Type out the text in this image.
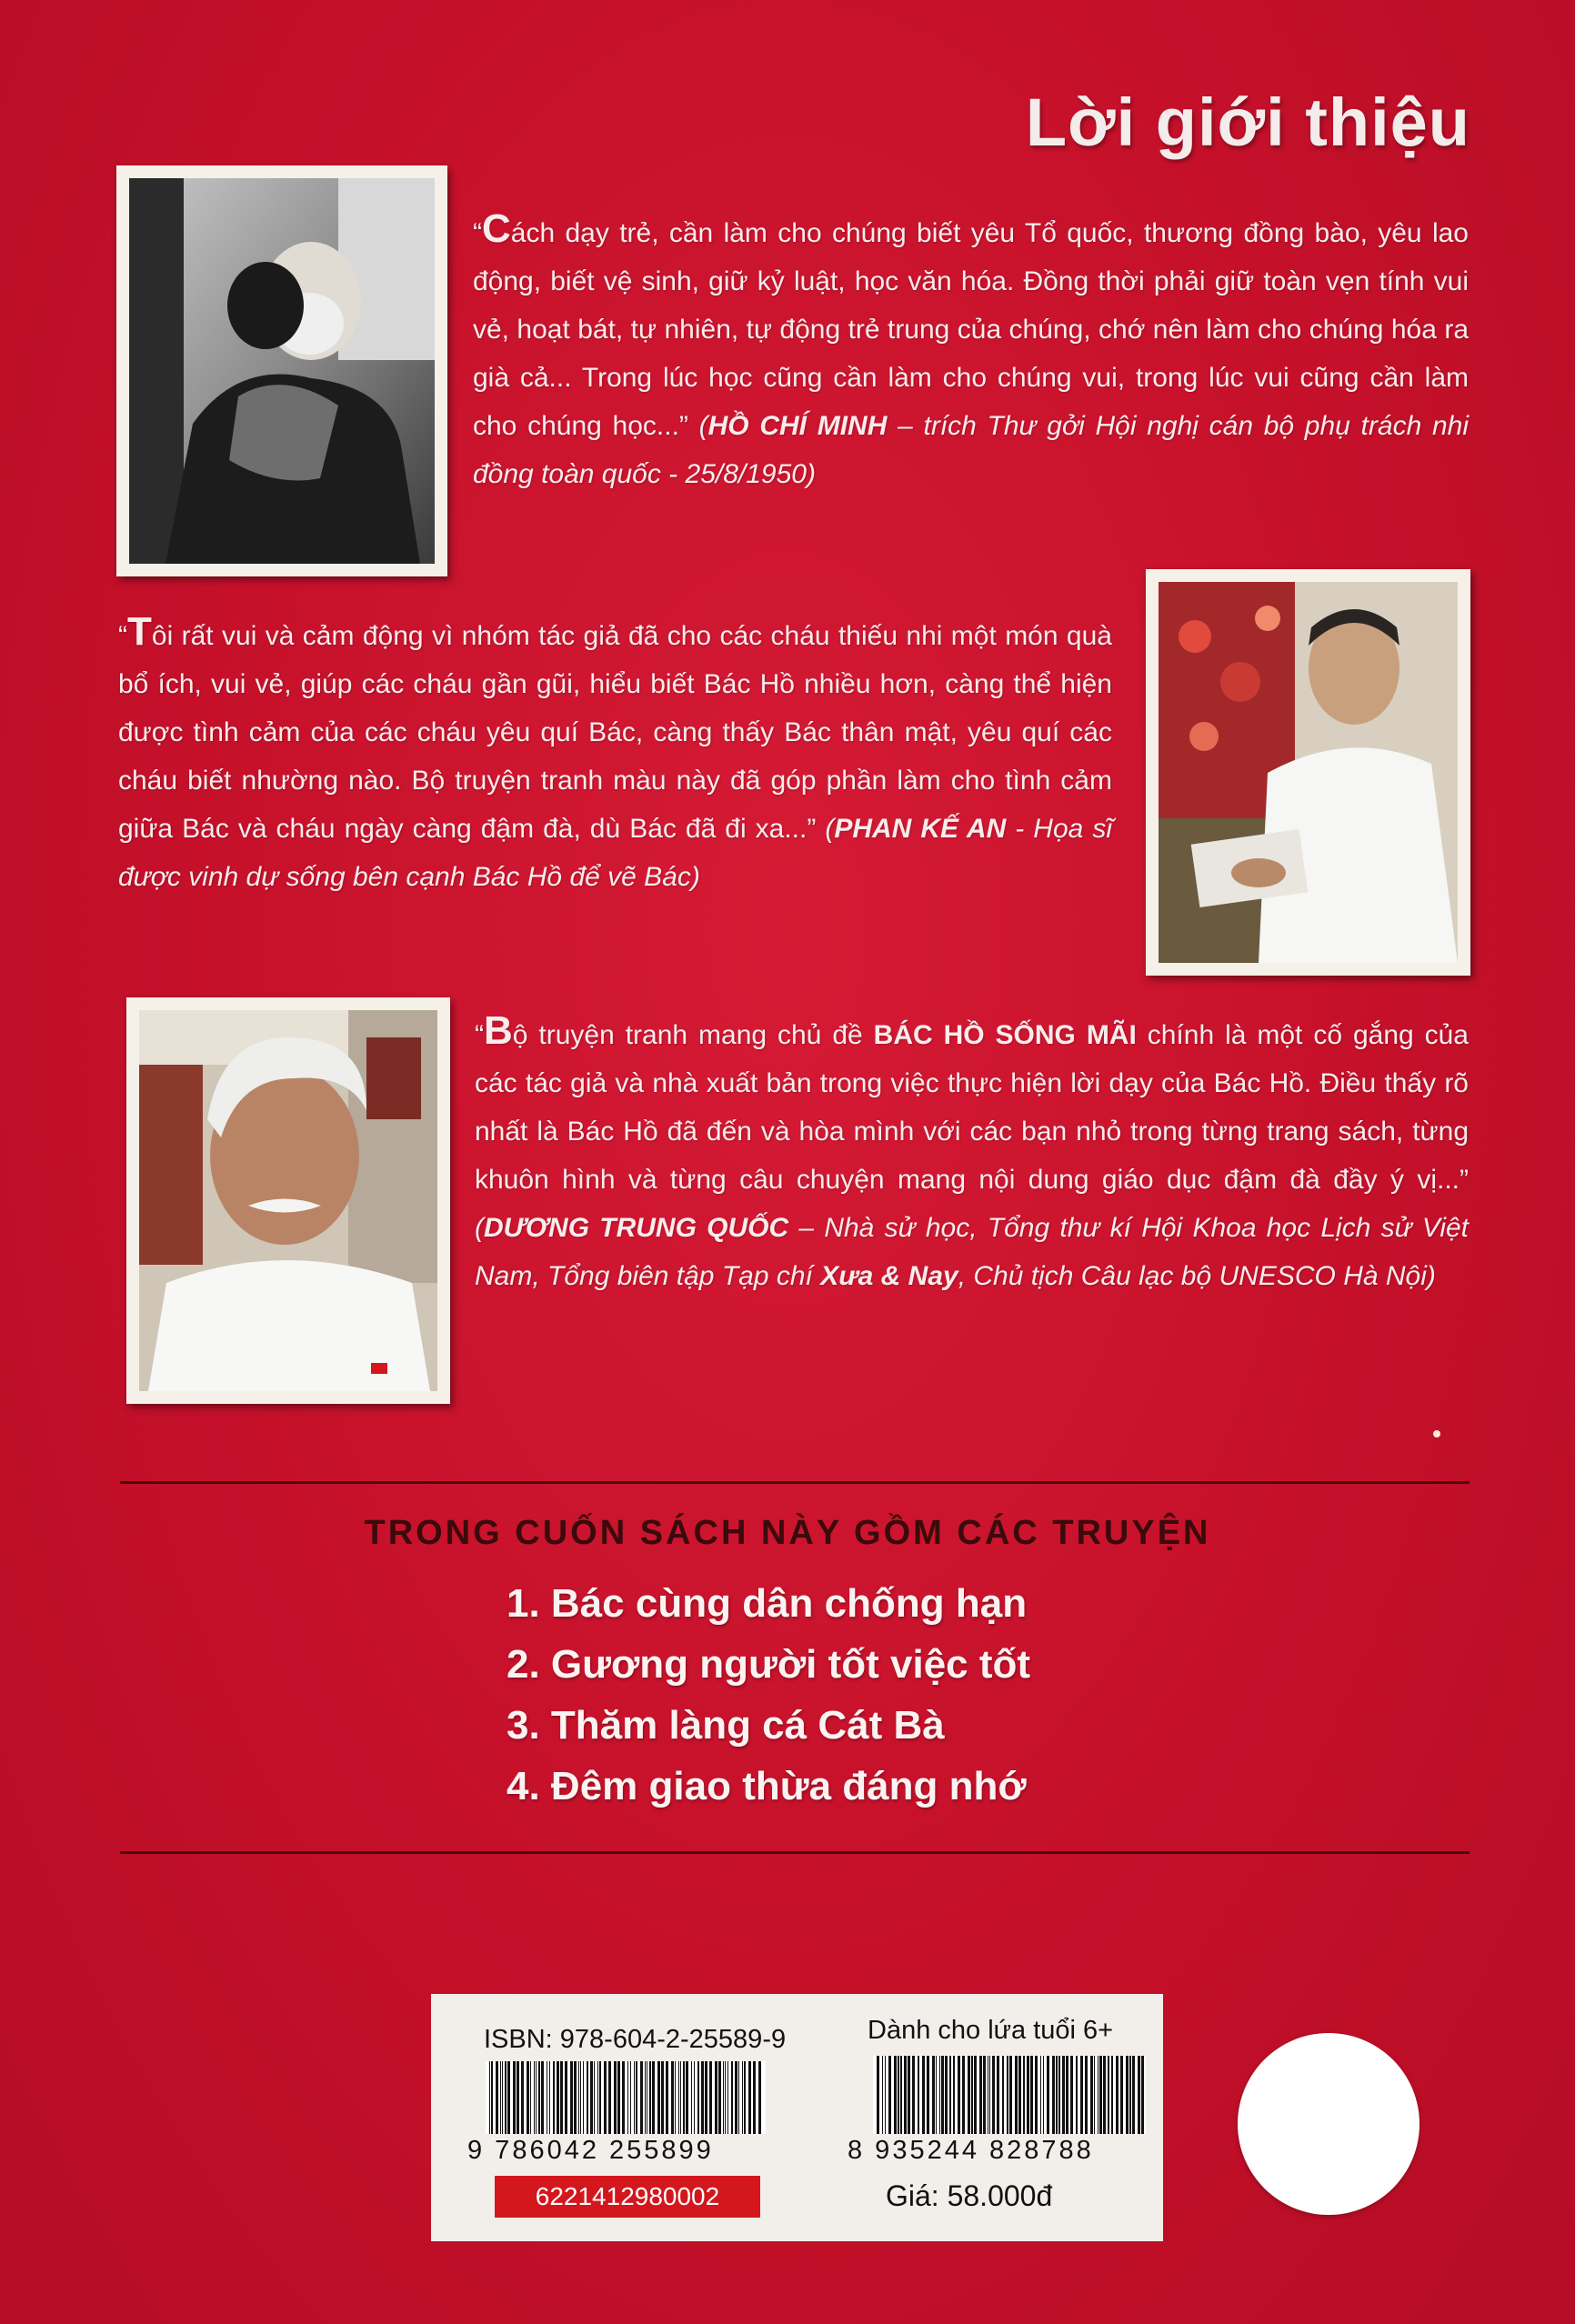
Lời giới thiệu
“Cách dạy trẻ, cần làm cho chúng biết yêu Tổ quốc, thương đồng bào, yêu lao động, biết vệ sinh, giữ kỷ luật, học văn hóa. Đồng thời phải giữ toàn vẹn tính vui vẻ, hoạt bát, tự nhiên, tự động trẻ trung của chúng, chớ nên làm cho chúng hóa ra già cả... Trong lúc học cũng cần làm cho chúng vui, trong lúc vui cũng cần làm cho chúng học...” (HỒ CHÍ MINH – trích Thư gởi Hội nghị cán bộ phụ trách nhi đồng toàn quốc - 25/8/1950)
“Tôi rất vui và cảm động vì nhóm tác giả đã cho các cháu thiếu nhi một món quà bổ ích, vui vẻ, giúp các cháu gần gũi, hiểu biết Bác Hồ nhiều hơn, càng thể hiện được tình cảm của các cháu yêu quí Bác, càng thấy Bác thân mật, yêu quí các cháu biết nhường nào. Bộ truyện tranh màu này đã góp phần làm cho tình cảm giữa Bác và cháu ngày càng đậm đà, dù Bác đã đi xa...” (PHAN KẾ AN - Họa sĩ được vinh dự sống bên cạnh Bác Hồ để vẽ Bác)
“Bộ truyện tranh mang chủ đề BÁC HỒ SỐNG MÃI chính là một cố gắng của các tác giả và nhà xuất bản trong việc thực hiện lời dạy của Bác Hồ. Điều thấy rõ nhất là Bác Hồ đã đến và hòa mình với các bạn nhỏ trong từng trang sách, từng khuôn hình và từng câu chuyện mang nội dung giáo dục đậm đà đầy ý vị...” (DƯƠNG TRUNG QUỐC – Nhà sử học, Tổng thư kí Hội Khoa học Lịch sử Việt Nam, Tổng biên tập Tạp chí Xưa & Nay, Chủ tịch Câu lạc bộ UNESCO Hà Nội)
TRONG CUỐN SÁCH NÀY GỒM CÁC TRUYỆN
1. Bác cùng dân chống hạn
2. Gương người tốt việc tốt
3. Thăm làng cá Cát Bà
4. Đêm giao thừa đáng nhớ
ISBN: 978-604-2-25589-9
9 786042 255899
6221412980002
Dành cho lứa tuổi 6+
8 935244 828788
Giá: 58.000đ
